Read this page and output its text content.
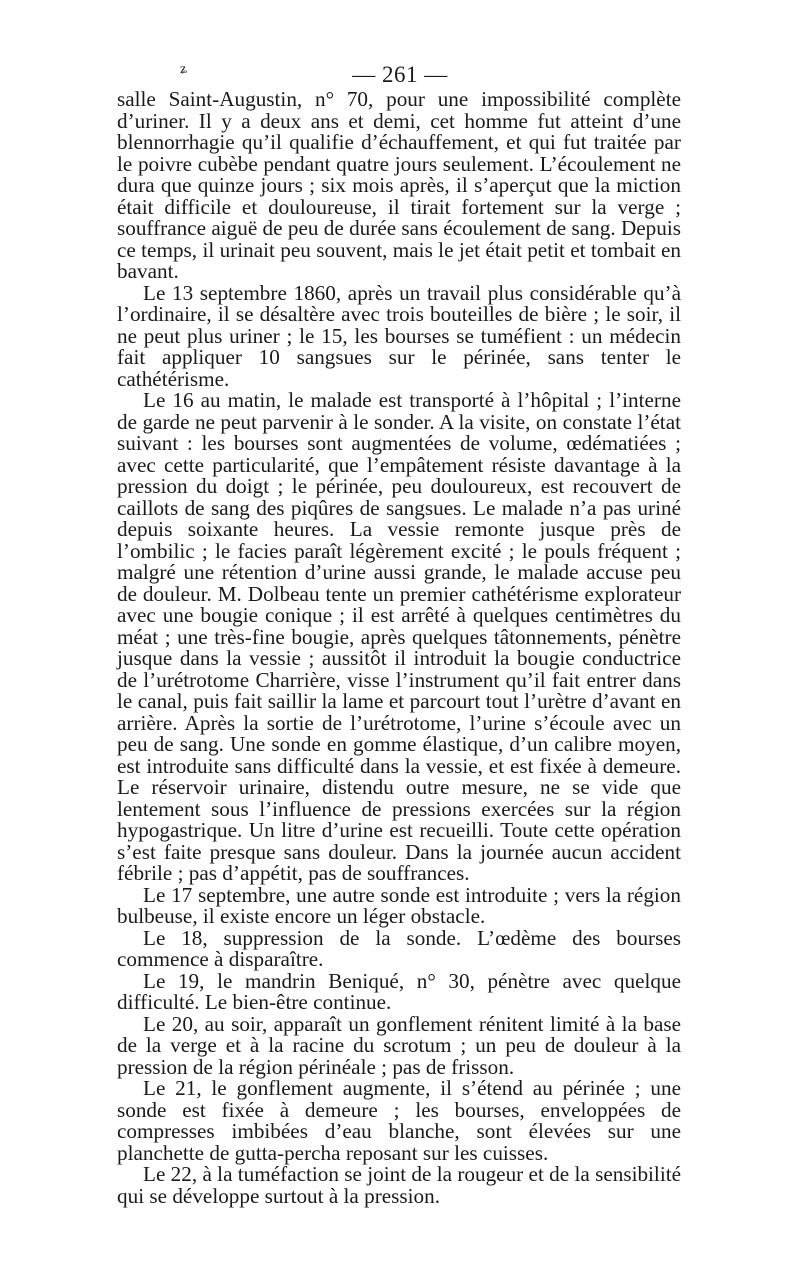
ʑ	— 261 —

salle Saint-Augustin, n° 70, pour une impossibilité complète d’uriner. Il y a deux ans et demi, cet homme fut atteint d’une blennorrhagie qu’il qualifie d’échauffement, et qui fut traitée par le poivre cubèbe pendant quatre jours seulement. L’écoulement ne dura que quinze jours ; six mois après, il s’aperçut que la miction était difficile et douloureuse, il tirait fortement sur la verge ; souffrance aiguë de peu de durée sans écoulement de sang. Depuis ce temps, il urinait peu souvent, mais le jet était petit et tombait en bavant.

Le 13 septembre 1860, après un travail plus considérable qu’à l’ordinaire, il se désaltère avec trois bouteilles de bière ; le soir, il ne peut plus uriner ; le 15, les bourses se tuméfient : un médecin fait appliquer 10 sangsues sur le périnée, sans tenter le cathétérisme.

Le 16 au matin, le malade est transporté à l’hôpital ; l’interne de garde ne peut parvenir à le sonder. A la visite, on constate l’état suivant : les bourses sont augmentées de volume, œdématiées ; avec cette particularité, que l’empâtement résiste davantage à la pression du doigt ; le périnée, peu douloureux, est recouvert de caillots de sang des piqûres de sangsues. Le malade n’a pas uriné depuis soixante heures. La vessie remonte jusque près de l’ombilic ; le facies paraît légèrement excité ; le pouls fréquent ; malgré une rétention d’urine aussi grande, le malade accuse peu de douleur. M. Dolbeau tente un premier cathétérisme explorateur avec une bougie conique ; il est arrêté à quelques centimètres du méat ; une très-fine bougie, après quelques tâtonnements, pénètre jusque dans la vessie ; aussitôt il introduit la bougie conductrice de l’urétrotome Charrière, visse l’instrument qu’il fait entrer dans le canal, puis fait saillir la lame et parcourt tout l’urètre d’avant en arrière. Après la sortie de l’urétrotome, l’urine s’écoule avec un peu de sang. Une sonde en gomme élastique, d’un calibre moyen, est introduite sans difficulté dans la vessie, et est fixée à demeure. Le réservoir urinaire, distendu outre mesure, ne se vide que lentement sous l’influence de pressions exercées sur la région hypogastrique. Un litre d’urine est recueilli. Toute cette opération s’est faite presque sans douleur. Dans la journée aucun accident fébrile ; pas d’appétit, pas de souffrances.

Le 17 septembre, une autre sonde est introduite ; vers la région bulbeuse, il existe encore un léger obstacle.

Le 18, suppression de la sonde. L’œdème des bourses commence à disparaître.

Le 19, le mandrin Beniqué, n° 30, pénètre avec quelque difficulté. Le bien-être continue.

Le 20, au soir, apparaît un gonflement rénitent limité à la base de la verge et à la racine du scrotum ; un peu de douleur à la pression de la région périnéale ; pas de frisson.

Le 21, le gonflement augmente, il s’étend au périnée ; une sonde est fixée à demeure ; les bourses, enveloppées de compresses imbibées d’eau blanche, sont élevées sur une planchette de gutta-percha reposant sur les cuisses.

Le 22, à la tuméfaction se joint de la rougeur et de la sensibilité qui se développe surtout à la pression.
